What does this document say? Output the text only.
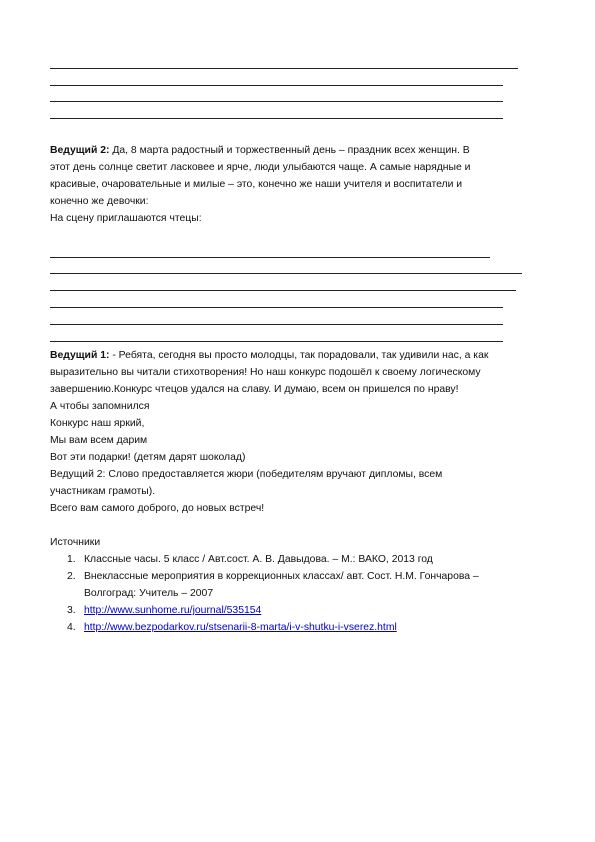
Ведущий 2: Да, 8 марта радостный и торжественный день – праздник всех женщин. В
этот день солнце светит ласковее и ярче, люди улыбаются чаще. А самые нарядные и
красивые, очаровательные и милые – это, конечно же наши учителя и воспитатели и
конечно же девочки:
На сцену приглашаются чтецы:
Ведущий 1: - Ребята, сегодня вы просто молодцы, так порадовали, так удивили нас, а как
выразительно вы читали стихотворения! Но наш конкурс подошёл к своему логическому
завершению.Конкурс чтецов удался на славу. И думаю, всем он пришелся по нраву!
А чтобы запомнился
Конкурс наш яркий,
Мы вам всем дарим
Вот эти подарки! (детям дарят шоколад)
Ведущий 2: Слово предоставляется жюри (победителям вручают дипломы, всем
участникам грамоты).
Всего вам самого доброго, до новых встреч!
Источники
1. Классные часы. 5 класс / Авт.сост. А. В. Давыдова. – М.: ВАКО, 2013 год
2. Внеклассные мероприятия в коррекционных классах/ авт. Сост. Н.М. Гончарова –
Волгоград: Учитель – 2007
3. http://www.sunhome.ru/journal/535154
4. http://www.bezpodarkov.ru/stsenarii-8-marta/i-v-shutku-i-vserez.html
